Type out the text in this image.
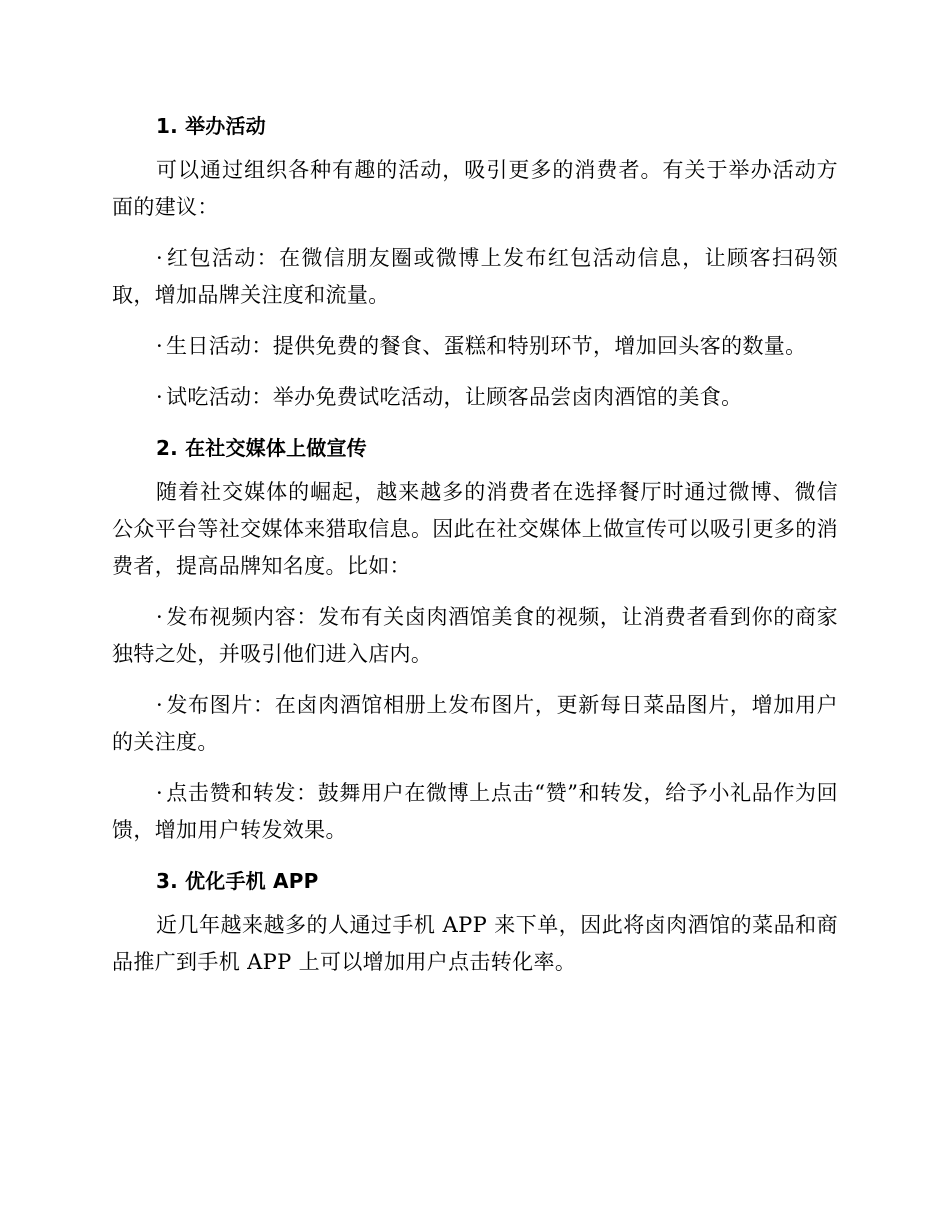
1. 举办活动

可以通过组织各种有趣的活动，吸引更多的消费者。有关于举办活动方面的建议：

· 红包活动：在微信朋友圈或微博上发布红包活动信息，让顾客扫码领取，增加品牌关注度和流量。

· 生日活动：提供免费的餐食、蛋糕和特别环节，增加回头客的数量。

· 试吃活动：举办免费试吃活动，让顾客品尝卤肉酒馆的美食。

2. 在社交媒体上做宣传

随着社交媒体的崛起，越来越多的消费者在选择餐厅时通过微博、微信公众平台等社交媒体来猎取信息。因此在社交媒体上做宣传可以吸引更多的消费者，提高品牌知名度。比如：

· 发布视频内容：发布有关卤肉酒馆美食的视频，让消费者看到你的商家独特之处，并吸引他们进入店内。

· 发布图片：在卤肉酒馆相册上发布图片，更新每日菜品图片，增加用户的关注度。

· 点击赞和转发：鼓舞用户在微博上点击“赞”和转发，给予小礼品作为回馈，增加用户转发效果。

3. 优化手机 APP

近几年越来越多的人通过手机 APP 来下单，因此将卤肉酒馆的菜品和商品推广到手机 APP 上可以增加用户点击转化率。
